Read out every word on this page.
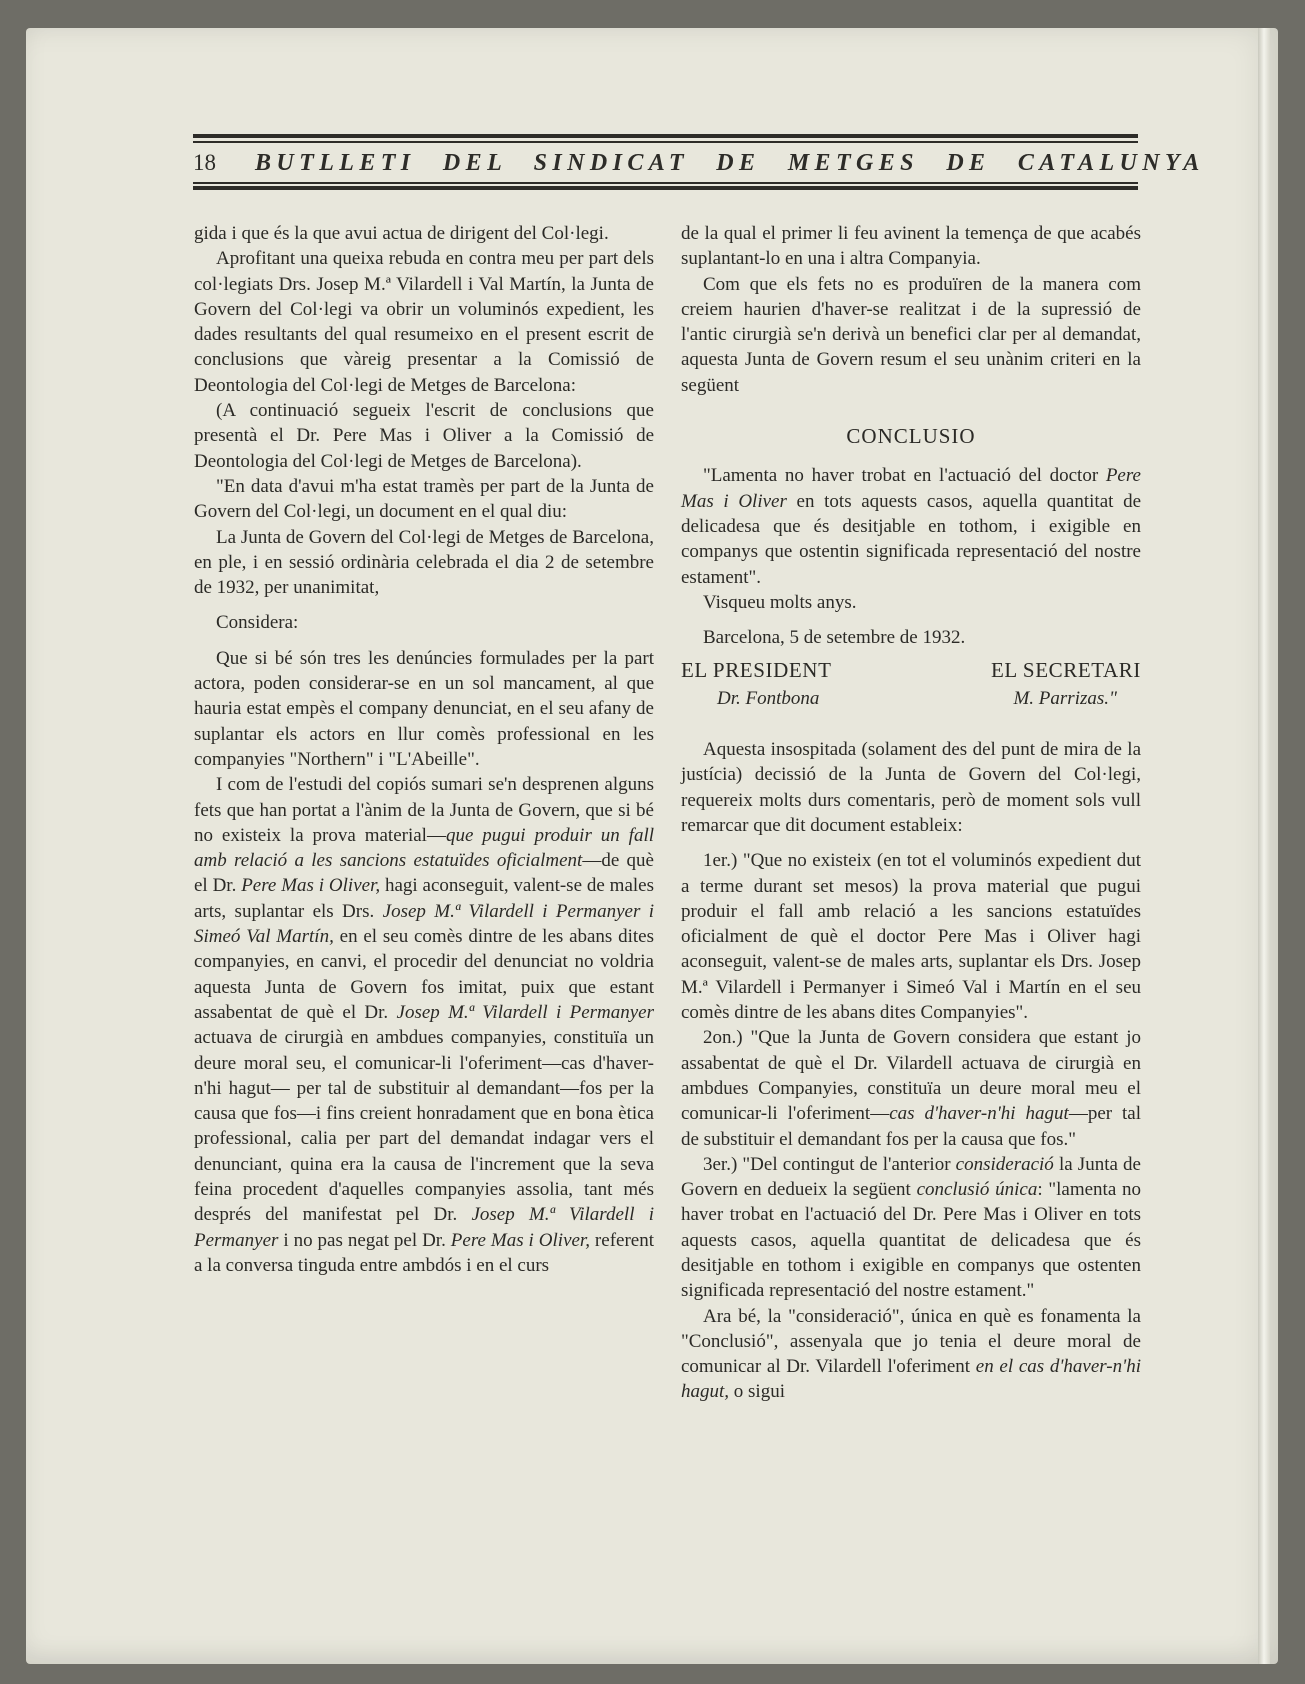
18 BUTLLETI DEL SINDICAT DE METGES DE CATALUNYA

gida i que és la que avui actua de dirigent del Col·legi.

Aprofitant una queixa rebuda en contra meu per part dels col·legiats Drs. Josep M.ª Vilardell i Val Martín, la Junta de Govern del Col·legi va obrir un voluminós expedient, les dades resultants del qual resumeixo en el present escrit de conclusions que vàreig presentar a la Comissió de Deontologia del Col·legi de Metges de Barcelona:

(A continuació segueix l'escrit de conclusions que presentà el Dr. Pere Mas i Oliver a la Comissió de Deontologia del Col·legi de Metges de Barcelona).

"En data d'avui m'ha estat tramès per part de la Junta de Govern del Col·legi, un document en el qual diu:

La Junta de Govern del Col·legi de Metges de Barcelona, en ple, i en sessió ordinària celebrada el dia 2 de setembre de 1932, per unanimitat,

Considera:

Que si bé són tres les denúncies formulades per la part actora, poden considerar-se en un sol mancament, al que hauria estat empès el company denunciat, en el seu afany de suplantar els actors en llur comès professional en les companyies "Northern" i "L'Abeille".

I com de l'estudi del copiós sumari se'n desprenen alguns fets que han portat a l'ànim de la Junta de Govern, que si bé no existeix la prova material—que pugui produir un fall amb relació a les sancions estatuïdes oficialment—de què el Dr. Pere Mas i Oliver, hagi aconseguit, valent-se de males arts, suplantar els Drs. Josep M.ª Vilardell i Permanyer i Simeó Val Martín, en el seu comès dintre de les abans dites companyies, en canvi, el procedir del denunciat no voldria aquesta Junta de Govern fos imitat, puix que estant assabentat de què el Dr. Josep M.ª Vilardell i Permanyer actuava de cirurgià en ambdues companyies, constituïa un deure moral seu, el comunicar-li l'oferiment—cas d'haver-n'hi hagut— per tal de substituir al demandant—fos per la causa que fos—i fins creient honradament que en bona ètica professional, calia per part del demandat indagar vers el denunciant, quina era la causa de l'increment que la seva feina procedent d'aquelles companyies assolia, tant més després del manifestat pel Dr. Josep M.ª Vilardell i Permanyer i no pas negat pel Dr. Pere Mas i Oliver, referent a la conversa tinguda entre ambdós i en el curs

de la qual el primer li feu avinent la temença de que acabés suplantant-lo en una i altra Companyia.

Com que els fets no es produïren de la manera com creiem haurien d'haver-se realitzat i de la supressió de l'antic cirurgià se'n derivà un benefici clar per al demandat, aquesta Junta de Govern resum el seu unànim criteri en la següent

CONCLUSIO

"Lamenta no haver trobat en l'actuació del doctor Pere Mas i Oliver en tots aquests casos, aquella quantitat de delicadesa que és desitjable en tothom, i exigible en companys que ostentin significada representació del nostre estament".

Visqueu molts anys.

Barcelona, 5 de setembre de 1932.

EL PRESIDENT	EL SECRETARI
Dr. Fontbona	M. Parrizas."

Aquesta insospitada (solament des del punt de mira de la justícia) decissió de la Junta de Govern del Col·legi, requereix molts durs comentaris, però de moment sols vull remarcar que dit document estableix:

1er.) "Que no existeix (en tot el voluminós expedient dut a terme durant set mesos) la prova material que pugui produir el fall amb relació a les sancions estatuïdes oficialment de què el doctor Pere Mas i Oliver hagi aconseguit, valent-se de males arts, suplantar els Drs. Josep M.ª Vilardell i Permanyer i Simeó Val i Martín en el seu comès dintre de les abans dites Companyies".

2on.) "Que la Junta de Govern considera que estant jo assabentat de què el Dr. Vilardell actuava de cirurgià en ambdues Companyies, constituïa un deure moral meu el comunicar-li l'oferiment—cas d'haver-n'hi hagut—per tal de substituir el demandant fos per la causa que fos."

3er.) "Del contingut de l'anterior consideració la Junta de Govern en dedueix la següent conclusió única: "lamenta no haver trobat en l'actuació del Dr. Pere Mas i Oliver en tots aquests casos, aquella quantitat de delicadesa que és desitjable en tothom i exigible en companys que ostenten significada representació del nostre estament."

Ara bé, la "consideració", única en què es fonamenta la "Conclusió", assenyala que jo tenia el deure moral de comunicar al Dr. Vilardell l'oferiment en el cas d'haver-n'hi hagut, o sigui
